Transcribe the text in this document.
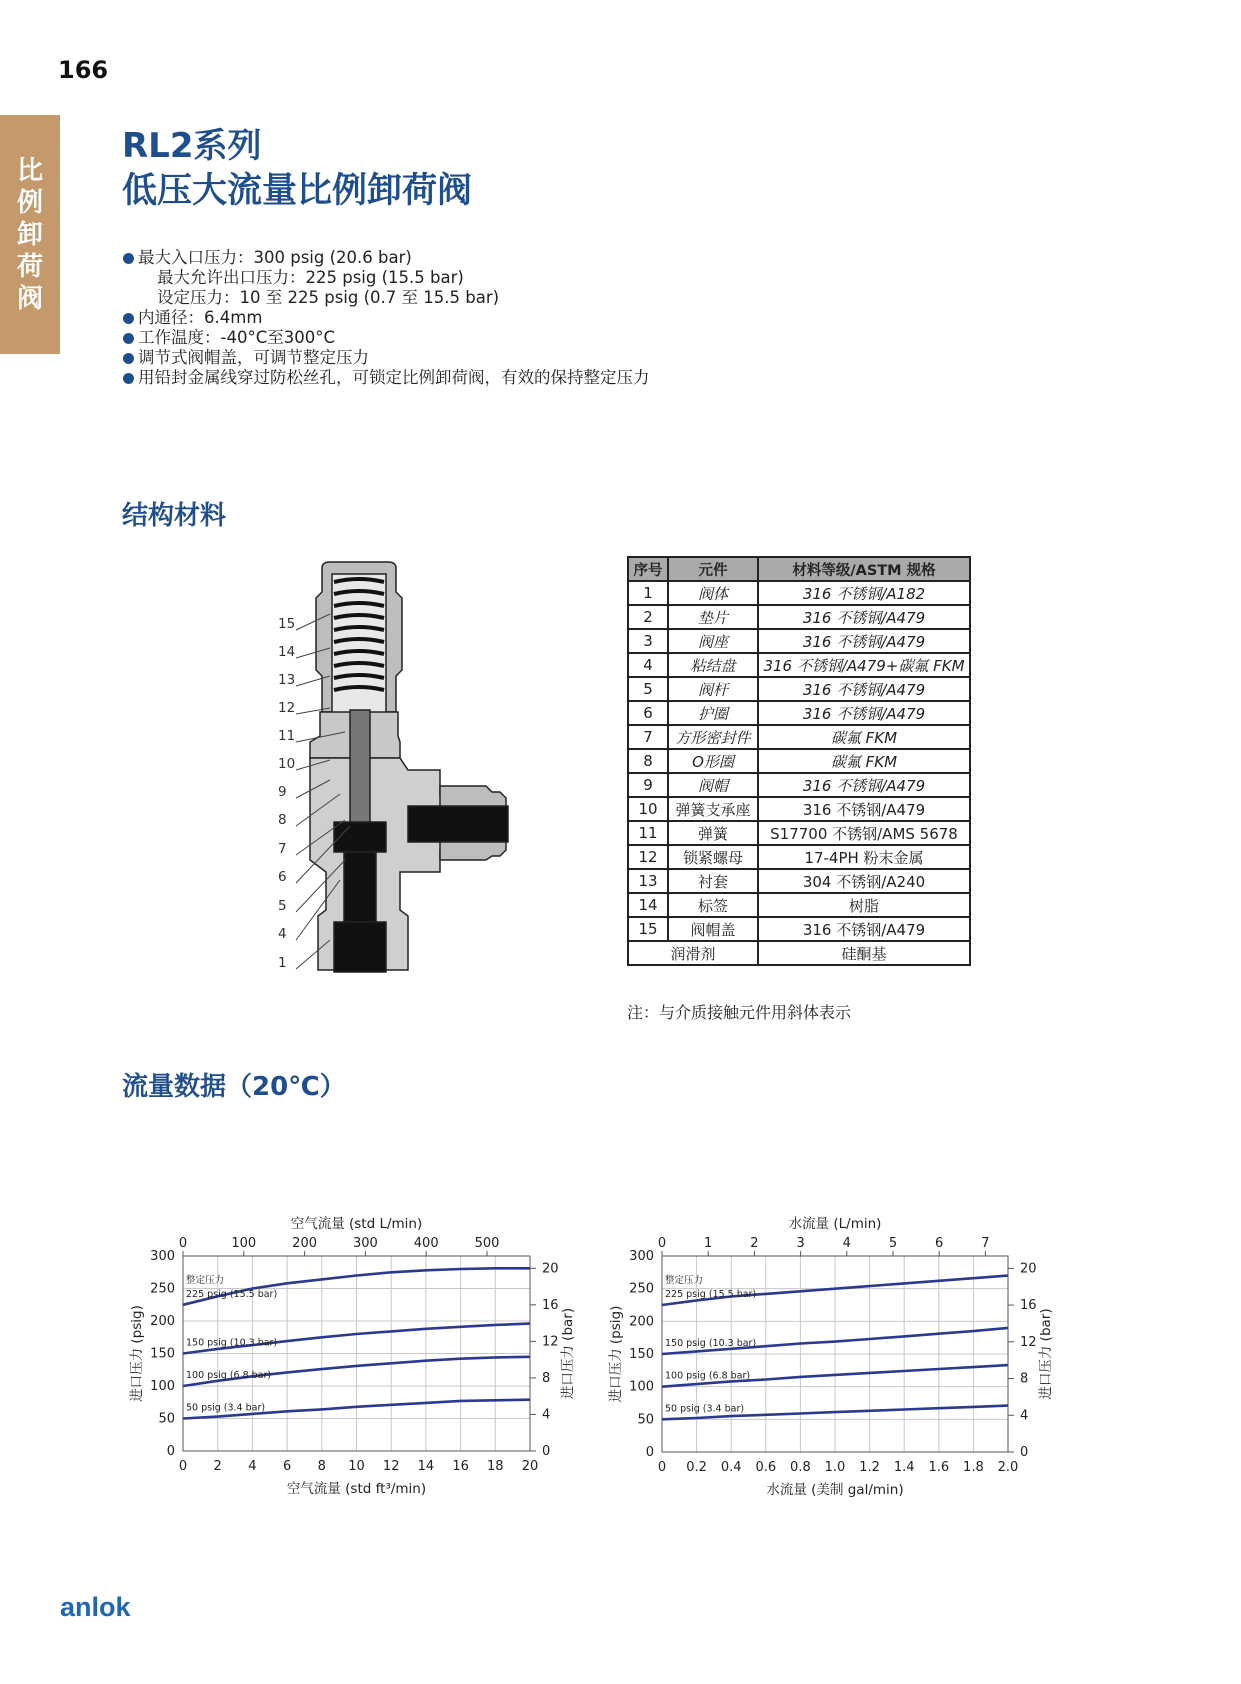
166
比
例
卸
荷
阀
RL2系列
低压大流量比例卸荷阀
最大入口压力：300 psig (20.6 bar)
最大允许出口压力：225 psig (15.5 bar)
设定压力：10 至 225 psig (0.7 至 15.5 bar)
内通径：6.4mm
工作温度：-40°C至300°C
调节式阀帽盖，可调节整定压力
用铅封金属线穿过防松丝孔，可锁定比例卸荷阀，有效的保持整定压力
结构材料
15
14
13
12
11
10
9
8
7
6
5
4
1
序号	元件	材料等级/ASTM 规格
1	阀体	316 不锈钢/A182
2	垫片	316 不锈钢/A479
3	阀座	316 不锈钢/A479
4	粘结盘	316 不锈钢/A479+碳氟 FKM
5	阀杆	316 不锈钢/A479
6	护圈	316 不锈钢/A479
7	方形密封件	碳氟 FKM
8	O形圈	碳氟 FKM
9	阀帽	316 不锈钢/A479
10	弹簧支承座	316 不锈钢/A479
11	弹簧	S17700 不锈钢/AMS 5678
12	锁紧螺母	17-4PH 粉末金属
13	衬套	304 不锈钢/A240
14	标签	树脂
15	阀帽盖	316 不锈钢/A479
润滑剂		硅酮基
注：与介质接触元件用斜体表示
流量数据（20℃）
0 2 4 6 8 10 12 14 16 18 20
0
50
100
150
200
250
300
0
4
8
12
16
20
0	100	200	300	400	500
空气流量 (std L/min)
空气流量 (std ft³/min)
进口压力 (psig)	进口压力 (bar)
整定压力
225 psig (15.5 bar)
150 psig (10.3 bar)
100 psig (6.8 bar)
50 psig (3.4 bar)
0 0.2 0.4 0.6 0.8 1.0 1.2 1.4 1.6 1.8 2.0
0
50
100
150
200
250
300
0
4
8
12
16
20
0	1	2	3	4	5	6	7
水流量 (L/min)
水流量 (美制 gal/min)
进口压力 (psig)	进口压力 (bar)
整定压力
225 psig (15.5 bar)
150 psig (10.3 bar)
100 psig (6.8 bar)
50 psig (3.4 bar)
anlok
